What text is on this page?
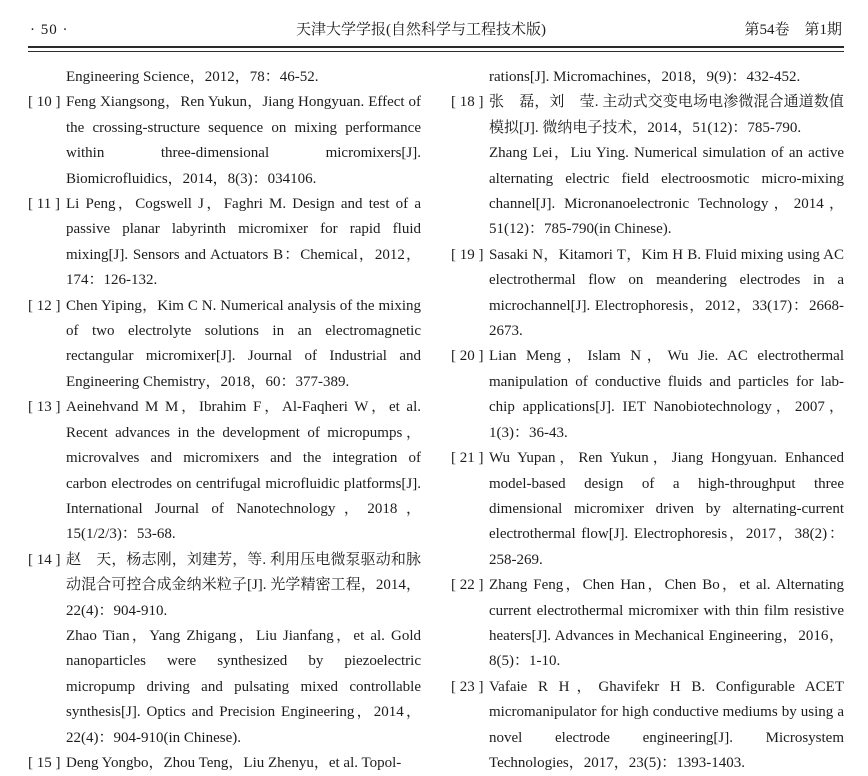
· 50 ·	天津大学学报(自然科学与工程技术版)	第54卷　第1期
Engineering Science，2012，78：46-52.
[ 10 ] Feng Xiangsong，Ren Yukun，Jiang Hongyuan. Effect of the crossing-structure sequence on mixing performance within three-dimensional micromixers[J]. Biomicrofluidics，2014，8(3)：034106.
[ 11 ] Li Peng，Cogswell J，Faghri M. Design and test of a passive planar labyrinth micromixer for rapid fluid mixing[J]. Sensors and Actuators B：Chemical，2012，174：126-132.
[ 12 ] Chen Yiping，Kim C N. Numerical analysis of the mixing of two electrolyte solutions in an electromagnetic rectangular micromixer[J]. Journal of Industrial and Engineering Chemistry，2018，60：377-389.
[ 13 ] Aeinehvand M M，Ibrahim F，Al-Faqheri W，et al. Recent advances in the development of micropumps，microvalves and micromixers and the integration of carbon electrodes on centrifugal microfluidic platforms[J]. International Journal of Nanotechnology，2018，15(1/2/3)：53-68.
[ 14 ] 赵　天，杨志刚，刘建芳，等. 利用压电微泵驱动和脉动混合可控合成金纳米粒子[J]. 光学精密工程，2014，22(4)：904-910.
Zhao Tian，Yang Zhigang，Liu Jianfang，et al. Gold nanoparticles were synthesized by piezoelectric micropump driving and pulsating mixed controllable synthesis[J]. Optics and Precision Engineering，2014，22(4)：904-910(in Chinese).
[ 15 ] Deng Yongbo，Zhou Teng，Liu Zhenyu，et al. Topol-
rations[J]. Micromachines，2018，9(9)：432-452.
[ 18 ] 张　磊，刘　莹. 主动式交变电场电渗微混合通道数值模拟[J]. 微纳电子技术，2014，51(12)：785-790.
Zhang Lei，Liu Ying. Numerical simulation of an active alternating electric field electroosmotic micro-mixing channel[J]. Micronanoelectronic Technology，2014，51(12)：785-790(in Chinese).
[ 19 ] Sasaki N，Kitamori T，Kim H B. Fluid mixing using AC electrothermal flow on meandering electrodes in a microchannel[J]. Electrophoresis，2012，33(17)：2668-2673.
[ 20 ] Lian Meng，Islam N，Wu Jie. AC electrothermal manipulation of conductive fluids and particles for lab-chip applications[J]. IET Nanobiotechnology，2007，1(3)：36-43.
[ 21 ] Wu Yupan，Ren Yukun，Jiang Hongyuan. Enhanced model-based design of a high-throughput three dimensional micromixer driven by alternating-current electrothermal flow[J]. Electrophoresis，2017，38(2)：258-269.
[ 22 ] Zhang Feng，Chen Han，Chen Bo，et al. Alternating current electrothermal micromixer with thin film resistive heaters[J]. Advances in Mechanical Engineering，2016，8(5)：1-10.
[ 23 ] Vafaie R H，Ghavifekr H B. Configurable ACET micromanipulator for high conductive mediums by using a novel electrode engineering[J]. Microsystem Technologies，2017，23(5)：1393-1403.
